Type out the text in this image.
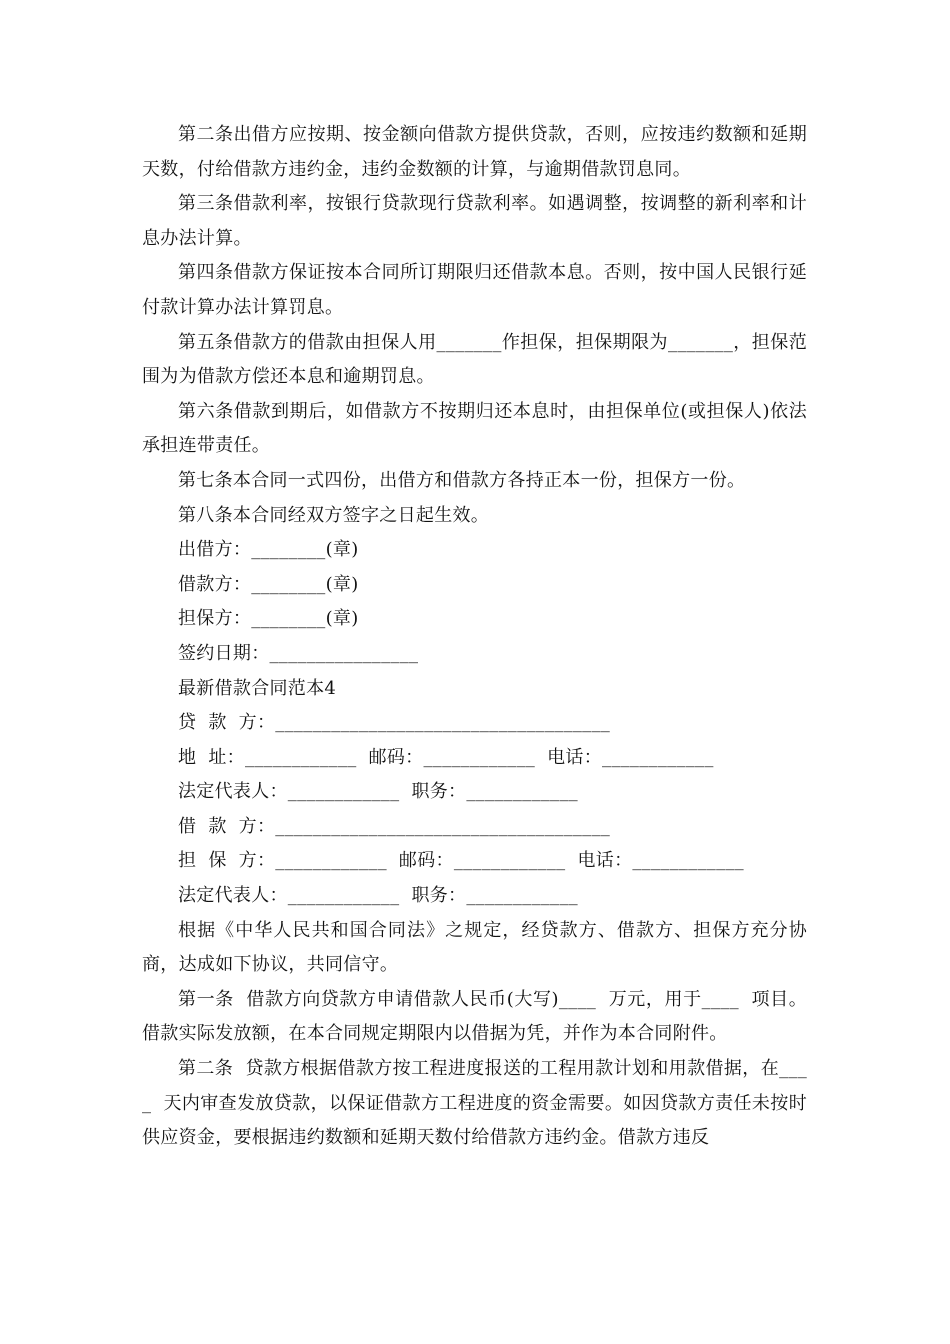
第二条出借方应按期、按金额向借款方提供贷款，否则，应按违约数额和延期天数，付给借款方违约金，违约金数额的计算，与逾期借款罚息同。

第三条借款利率，按银行贷款现行贷款利率。如遇调整，按调整的新利率和计息办法计算。

第四条借款方保证按本合同所订期限归还借款本息。否则，按中国人民银行延付款计算办法计算罚息。

第五条借款方的借款由担保人用_______作担保，担保期限为_______，担保范围为为借款方偿还本息和逾期罚息。

第六条借款到期后，如借款方不按期归还本息时，由担保单位(或担保人)依法承担连带责任。

第七条本合同一式四份，出借方和借款方各持正本一份，担保方一份。

第八条本合同经双方签字之日起生效。

出借方：________(章)

借款方：________(章)

担保方：________(章)

签约日期：________________

最新借款合同范本4

贷  款  方：____________________________________

地  址：____________  邮码：____________  电话：____________

法定代表人：____________  职务：____________

借  款  方：____________________________________

担  保  方：____________  邮码：____________  电话：____________

法定代表人：____________  职务：____________

根据《中华人民共和国合同法》之规定，经贷款方、借款方、担保方充分协商，达成如下协议，共同信守。

第一条  借款方向贷款方申请借款人民币(大写)____  万元，用于____  项目。借款实际发放额，在本合同规定期限内以借据为凭，并作为本合同附件。

第二条  贷款方根据借款方按工程进度报送的工程用款计划和用款借据，在____  天内审查发放贷款，以保证借款方工程进度的资金需要。如因贷款方责任未按时供应资金，要根据违约数额和延期天数付给借款方违约金。借款方违反
